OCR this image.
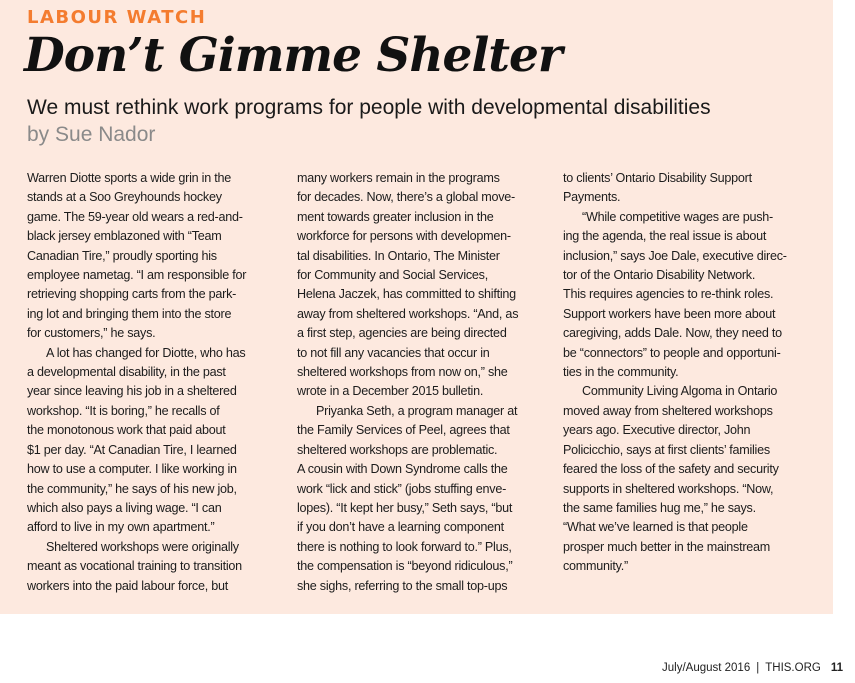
LABOUR WATCH
Don’t Gimme Shelter
We must rethink work programs for people with developmental disabilities
by Sue Nador

Warren Diotte sports a wide grin in the
stands at a Soo Greyhounds hockey
game. The 59-year old wears a red-and-
black jersey emblazoned with “Team
Canadian Tire,” proudly sporting his
employee nametag. “I am responsible for
retrieving shopping carts from the park-
ing lot and bringing them into the store
for customers,” he says.

A lot has changed for Diotte, who has
a developmental disability, in the past
year since leaving his job in a sheltered
workshop. “It is boring,” he recalls of
the monotonous work that paid about
$1 per day. “At Canadian Tire, I learned
how to use a computer. I like working in
the community,” he says of his new job,
which also pays a living wage. “I can
afford to live in my own apartment.”

Sheltered workshops were originally
meant as vocational training to transition
workers into the paid labour force, but

many workers remain in the programs
for decades. Now, there’s a global move-
ment towards greater inclusion in the
workforce for persons with developmen-
tal disabilities. In Ontario, The Minister
for Community and Social Services,
Helena Jaczek, has committed to shifting
away from sheltered workshops. “And, as
a first step, agencies are being directed
to not fill any vacancies that occur in
sheltered workshops from now on,” she
wrote in a December 2015 bulletin.

Priyanka Seth, a program manager at
the Family Services of Peel, agrees that
sheltered workshops are problematic.
A cousin with Down Syndrome calls the
work “lick and stick” (jobs stuffing enve-
lopes). “It kept her busy,” Seth says, “but
if you don’t have a learning component
there is nothing to look forward to.” Plus,
the compensation is “beyond ridiculous,”
she sighs, referring to the small top-ups

to clients’ Ontario Disability Support
Payments.

“While competitive wages are push-
ing the agenda, the real issue is about
inclusion,” says Joe Dale, executive direc-
tor of the Ontario Disability Network.
This requires agencies to re-think roles.
Support workers have been more about
caregiving, adds Dale. Now, they need to
be “connectors” to people and opportuni-
ties in the community.

Community Living Algoma in Ontario
moved away from sheltered workshops
years ago. Executive director, John
Policicchio, says at first clients’ families
feared the loss of the safety and security
supports in sheltered workshops. “Now,
the same families hug me,” he says.
“What we’ve learned is that people
prosper much better in the mainstream
community.”

July/August 2016 | THIS.ORG 11
